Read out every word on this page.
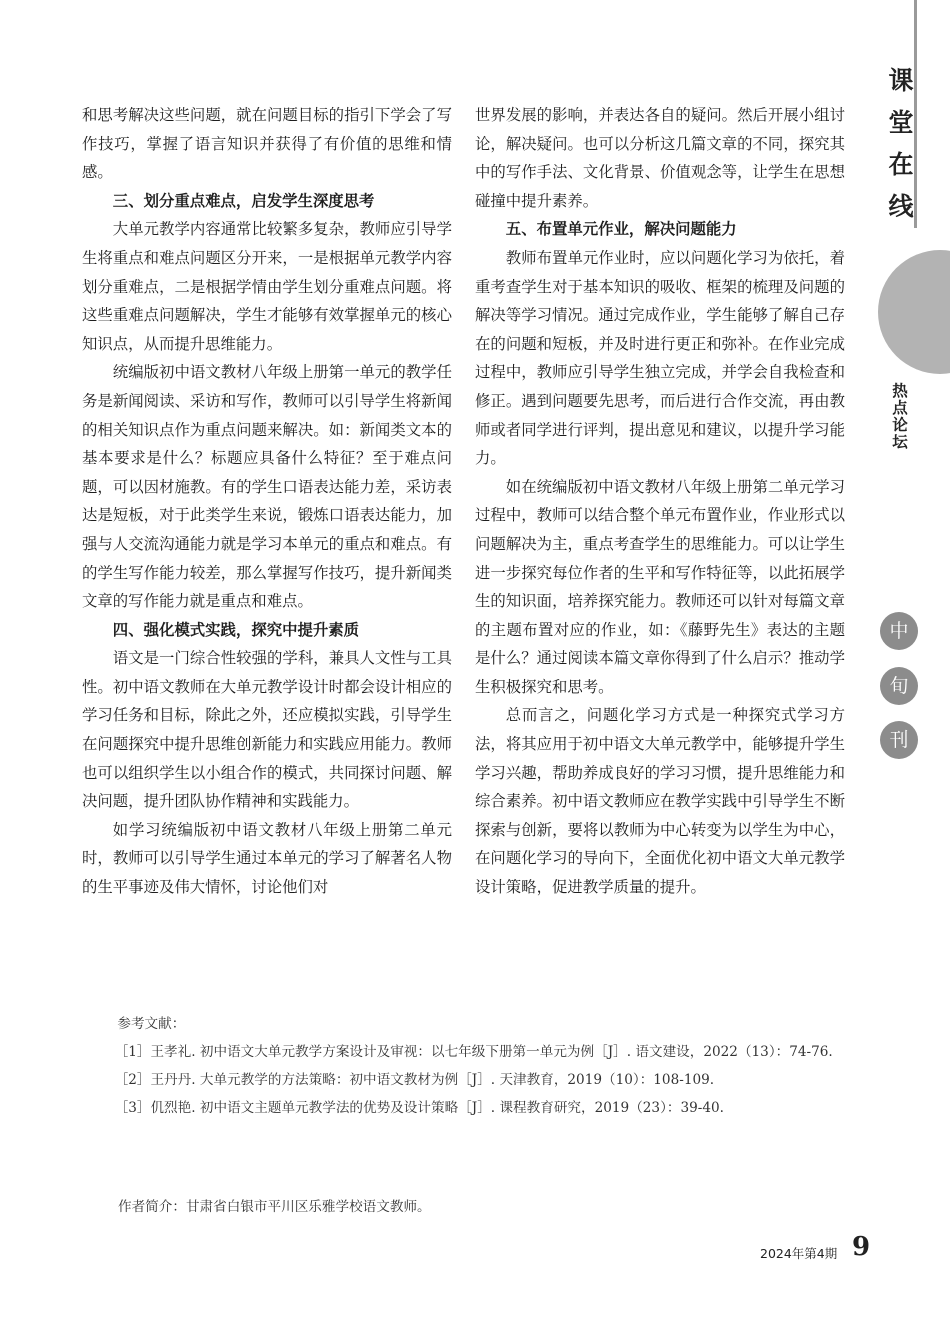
和思考解决这些问题，就在问题目标的指引下学会了写作技巧，掌握了语言知识并获得了有价值的思维和情感。

三、划分重点难点，启发学生深度思考

大单元教学内容通常比较繁多复杂，教师应引导学生将重点和难点问题区分开来，一是根据单元教学内容划分重难点，二是根据学情由学生划分重难点问题。将这些重难点问题解决，学生才能够有效掌握单元的核心知识点，从而提升思维能力。

统编版初中语文教材八年级上册第一单元的教学任务是新闻阅读、采访和写作，教师可以引导学生将新闻的相关知识点作为重点问题来解决。如：新闻类文本的基本要求是什么？标题应具备什么特征？至于难点问题，可以因材施教。有的学生口语表达能力差，采访表达是短板，对于此类学生来说，锻炼口语表达能力，加强与人交流沟通能力就是学习本单元的重点和难点。有的学生写作能力较差，那么掌握写作技巧，提升新闻类文章的写作能力就是重点和难点。

四、强化模式实践，探究中提升素质

语文是一门综合性较强的学科，兼具人文性与工具性。初中语文教师在大单元教学设计时都会设计相应的学习任务和目标，除此之外，还应模拟实践，引导学生在问题探究中提升思维创新能力和实践应用能力。教师也可以组织学生以小组合作的模式，共同探讨问题、解决问题，提升团队协作精神和实践能力。

如学习统编版初中语文教材八年级上册第二单元时，教师可以引导学生通过本单元的学习了解著名人物的生平事迹及伟大情怀，讨论他们对

世界发展的影响，并表达各自的疑问。然后开展小组讨论，解决疑问。也可以分析这几篇文章的不同，探究其中的写作手法、文化背景、价值观念等，让学生在思想碰撞中提升素养。

五、布置单元作业，解决问题能力

教师布置单元作业时，应以问题化学习为依托，着重考查学生对于基本知识的吸收、框架的梳理及问题的解决等学习情况。通过完成作业，学生能够了解自己存在的问题和短板，并及时进行更正和弥补。在作业完成过程中，教师应引导学生独立完成，并学会自我检查和修正。遇到问题要先思考，而后进行合作交流，再由教师或者同学进行评判，提出意见和建议，以提升学习能力。

如在统编版初中语文教材八年级上册第二单元学习过程中，教师可以结合整个单元布置作业，作业形式以问题解决为主，重点考查学生的思维能力。可以让学生进一步探究每位作者的生平和写作特征等，以此拓展学生的知识面，培养探究能力。教师还可以针对每篇文章的主题布置对应的作业，如：《藤野先生》表达的主题是什么？通过阅读本篇文章你得到了什么启示？推动学生积极探究和思考。

总而言之，问题化学习方式是一种探究式学习方法，将其应用于初中语文大单元教学中，能够提升学生学习兴趣，帮助养成良好的学习习惯，提升思维能力和综合素养。初中语文教师应在教学实践中引导学生不断探索与创新，要将以教师为中心转变为以学生为中心，在问题化学习的导向下，全面优化初中语文大单元教学设计策略，促进教学质量的提升。

参考文献：

［1］王孝礼. 初中语文大单元教学方案设计及审视：以七年级下册第一单元为例［J］. 语文建设，2022（13）：74-76.

［2］王丹丹. 大单元教学的方法策略：初中语文教材为例［J］. 天津教育，2019（10）：108-109.

［3］仉烈艳. 初中语文主题单元教学法的优势及设计策略［J］. 课程教育研究，2019（23）：39-40.

作者简介：甘肃省白银市平川区乐雅学校语文教师。
课
堂
在
线
热
点
论
坛
中
旬
刊
2024年第4期 9
